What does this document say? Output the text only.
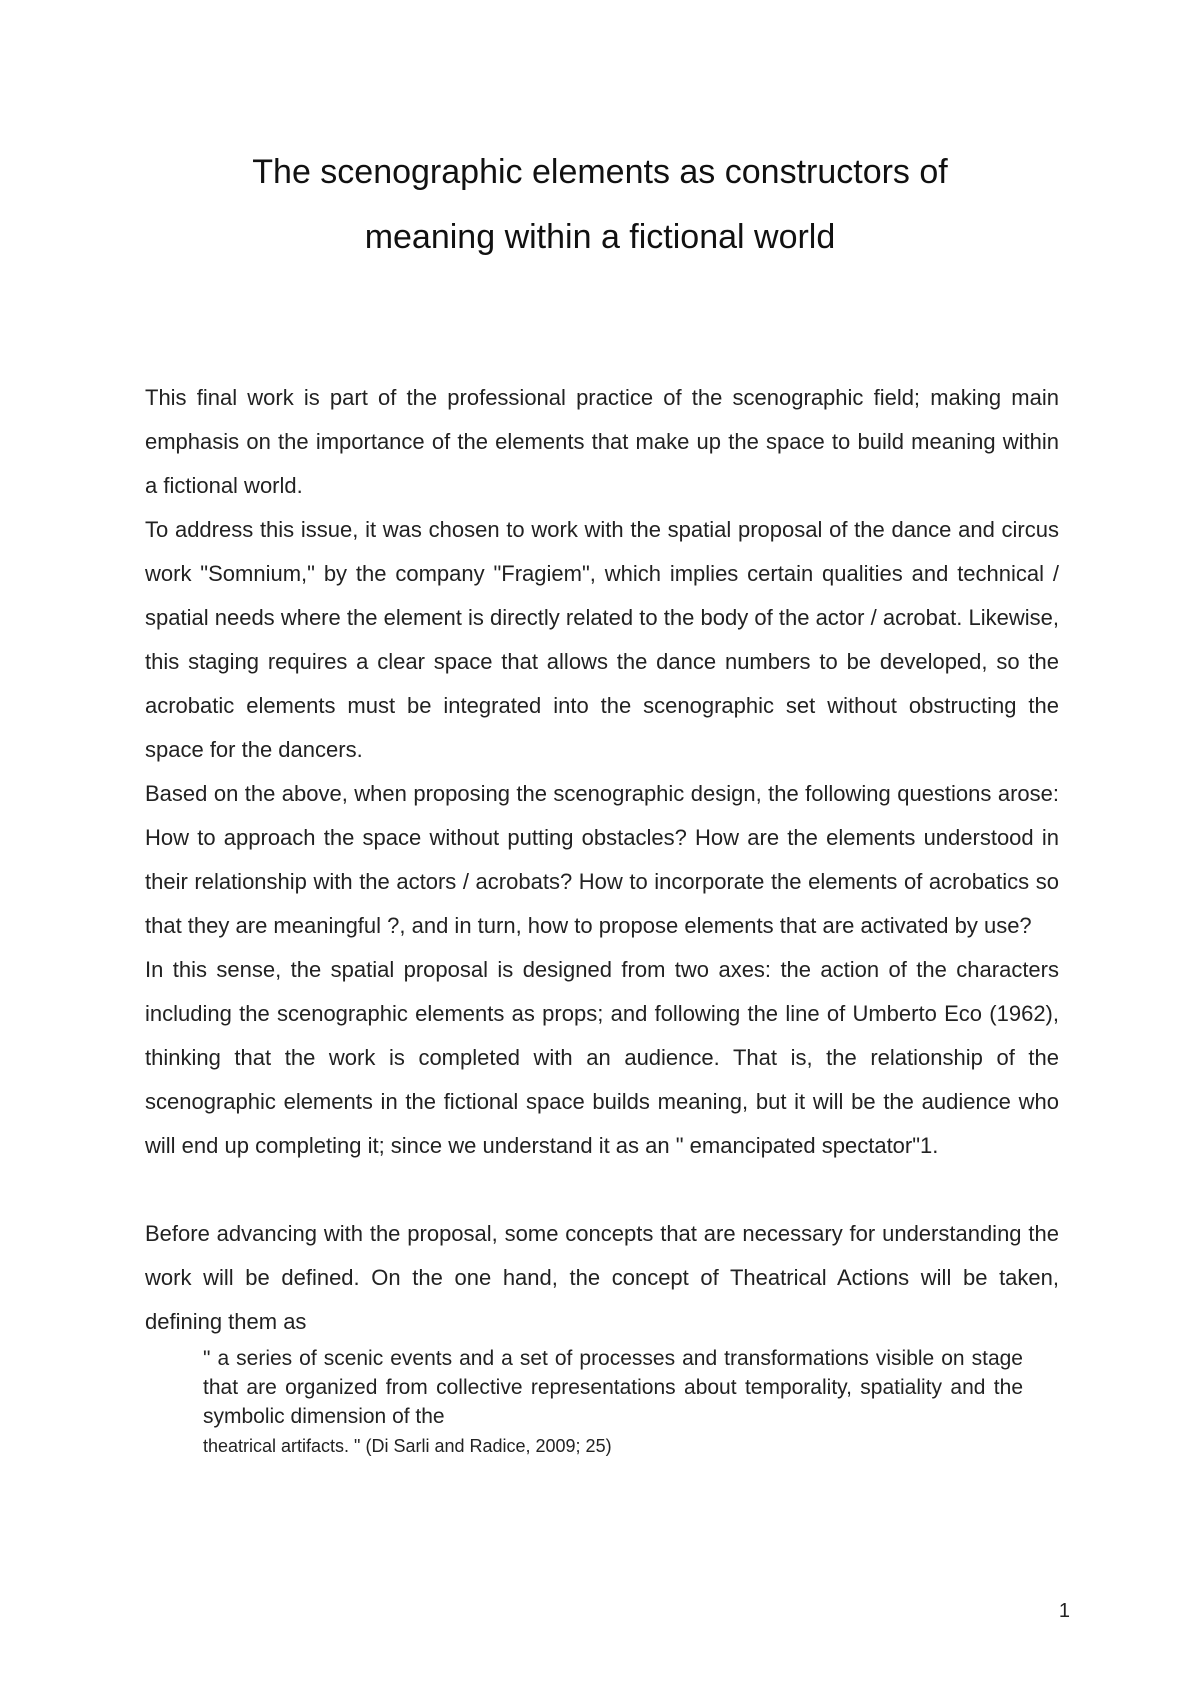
The scenographic elements as constructors of
meaning within a fictional world

This final work is part of the professional practice of the scenographic field; making main emphasis on the importance of the elements that make up the space to build meaning within a fictional world.

To address this issue, it was chosen to work with the spatial proposal of the dance and circus work "Somnium," by the company "Fragiem", which implies certain qualities and technical / spatial needs where the element is directly related to the body of the actor / acrobat. Likewise, this staging requires a clear space that allows the dance numbers to be developed, so the acrobatic elements must be integrated into the scenographic set without obstructing the space for the dancers.

Based on the above, when proposing the scenographic design, the following questions arose: How to approach the space without putting obstacles? How are the elements understood in their relationship with the actors / acrobats? How to incorporate the elements of acrobatics so that they are meaningful ?, and in turn, how to propose elements that are activated by use?

In this sense, the spatial proposal is designed from two axes: the action of the characters including the scenographic elements as props; and following the line of Umberto Eco (1962), thinking that the work is completed with an audience. That is, the relationship of the scenographic elements in the fictional space builds meaning, but it will be the audience who will end up completing it; since we understand it as an " emancipated spectator"1.

Before advancing with the proposal, some concepts that are necessary for understanding the work will be defined. On the one hand, the concept of Theatrical Actions will be taken, defining them as

" a series of scenic events and a set of processes and transformations visible on stage that are organized from collective representations about temporality, spatiality and the symbolic dimension of the

theatrical artifacts. " (Di Sarli and Radice, 2009; 25)

1
